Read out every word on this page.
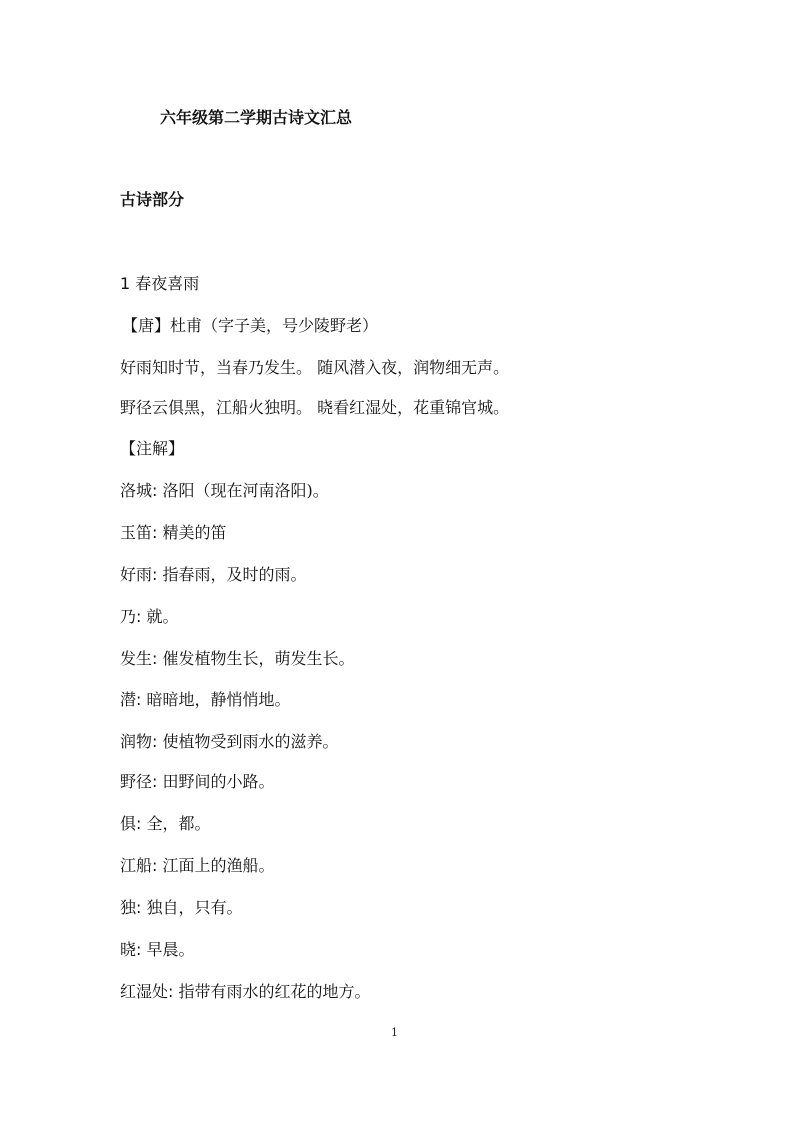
六年级第二学期古诗文汇总
古诗部分
1 春夜喜雨
【唐】杜甫（字子美，号少陵野老）
好雨知时节，当春乃发生。 随风潜入夜，润物细无声。
野径云俱黑，江船火独明。 晓看红湿处，花重锦官城。
【注解】
洛城: 洛阳（现在河南洛阳)。
玉笛: 精美的笛
好雨: 指春雨，及时的雨。
乃: 就。
发生: 催发植物生长，萌发生长。
潜: 暗暗地，静悄悄地。
润物: 使植物受到雨水的滋养。
野径: 田野间的小路。
俱: 全，都。
江船: 江面上的渔船。
独: 独自，只有。
晓: 早晨。
红湿处: 指带有雨水的红花的地方。
1
